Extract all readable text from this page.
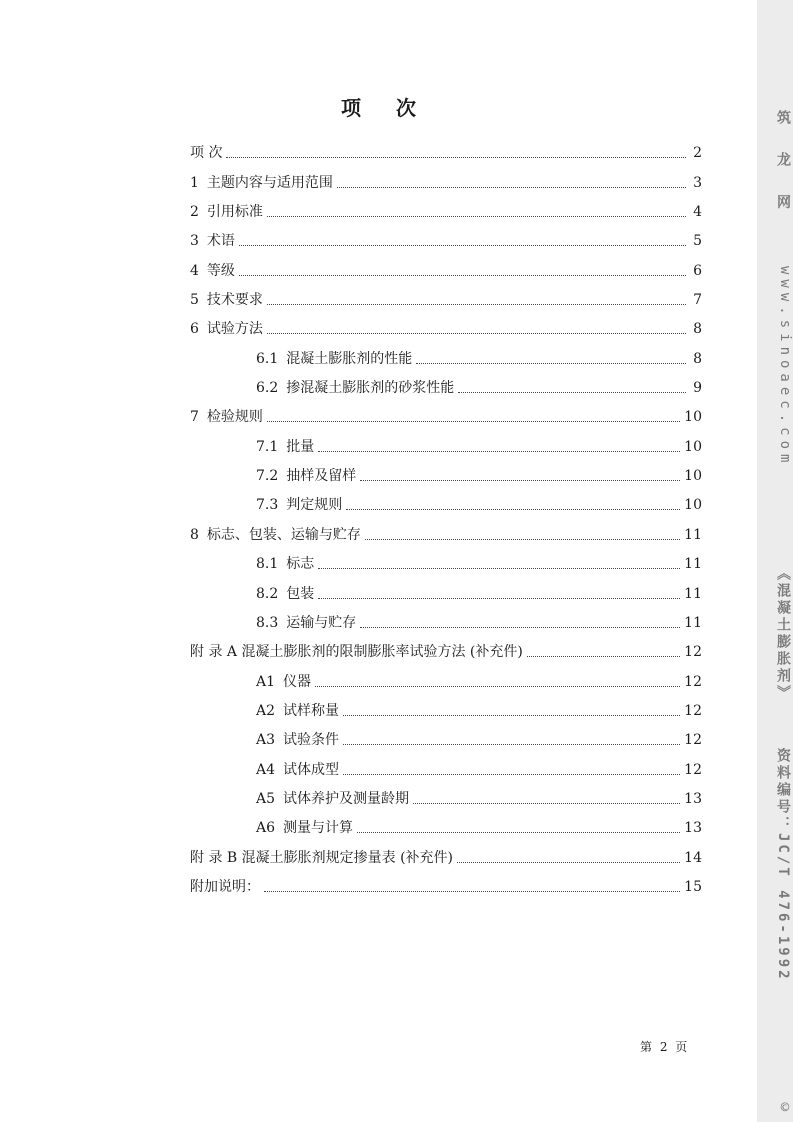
项 次
项 次	2
1 主题内容与适用范围	3
2 引用标准	4
3 术语	5
4 等级	6
5 技术要求	7
6 试验方法	8
6.1 混凝土膨胀剂的性能	8
6.2 掺混凝土膨胀剂的砂浆性能	9
7 检验规则	10
7.1 批量	10
7.2 抽样及留样	10
7.3 判定规则	10
8 标志、包装、运输与贮存	11
8.1 标志	11
8.2 包装	11
8.3 运输与贮存	11
附 录 A 混凝土膨胀剂的限制膨胀率试验方法 (补充件)	12
A1 仪器	12
A2 试样称量	12
A3 试验条件	12
A4 试体成型	12
A5 试体养护及测量龄期	13
A6 测量与计算	13
附 录 B 混凝土膨胀剂规定掺量表 (补充件)	14
附加说明：	15
第 2 页
筑 龙 网
www.sinoaec.com
《混凝土膨胀剂》
资料编号：JC/T 476-1992
©
